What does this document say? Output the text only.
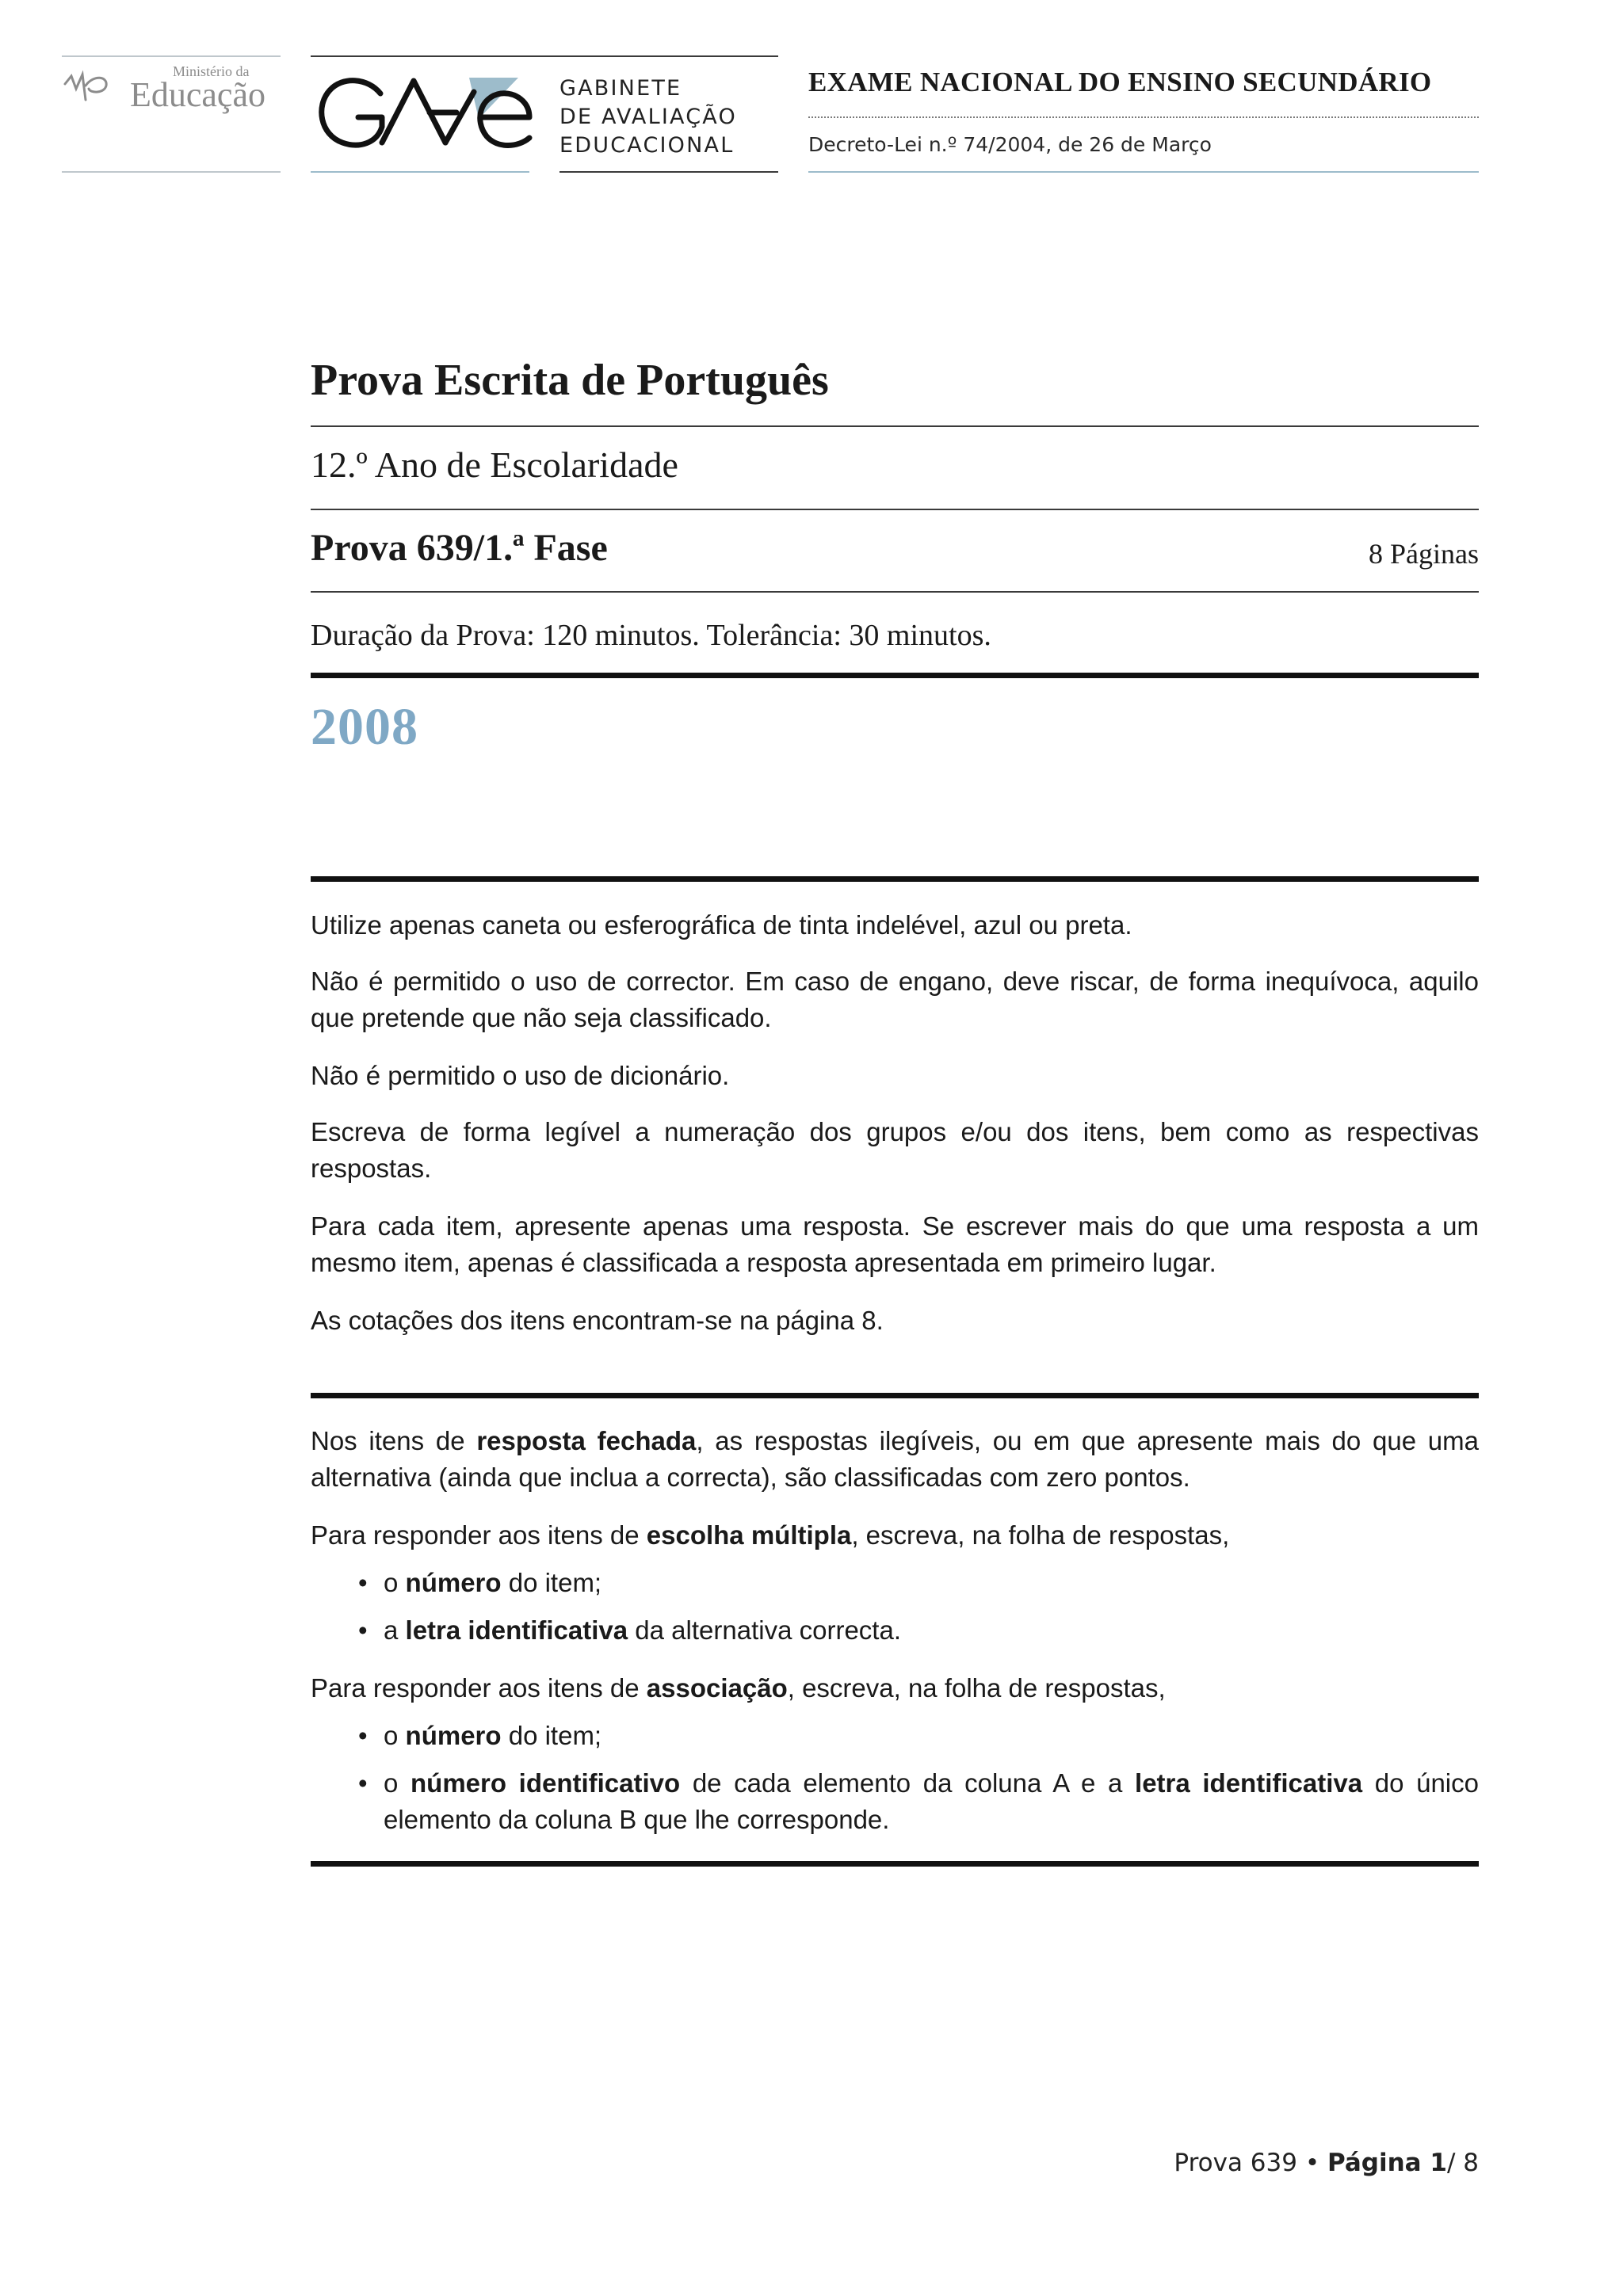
Ministério da
Educação	GABINETE
DE AVALIAÇÃO
EDUCACIONAL
EXAME NACIONAL DO ENSINO SECUNDÁRIO
Decreto-Lei n.º 74/2004, de 26 de Março
Prova Escrita de Português
12.º Ano de Escolaridade
Prova 639/1.ª Fase	8 Páginas
Duração da Prova: 120 minutos. Tolerância: 30 minutos.
2008

Utilize apenas caneta ou esferográfica de tinta indelével, azul ou preta.

Não é permitido o uso de corrector. Em caso de engano, deve riscar, de forma inequívoca, aquilo que pretende que não seja classificado.

Não é permitido o uso de dicionário.

Escreva de forma legível a numeração dos grupos e/ou dos itens, bem como as respectivas respostas.

Para cada item, apresente apenas uma resposta. Se escrever mais do que uma resposta a um mesmo item, apenas é classificada a resposta apresentada em primeiro lugar.

As cotações dos itens encontram-se na página 8.

Nos itens de resposta fechada, as respostas ilegíveis, ou em que apresente mais do que uma alternativa (ainda que inclua a correcta), são classificadas com zero pontos.

Para responder aos itens de escolha múltipla, escreva, na folha de respostas,

• o número do item;

• a letra identificativa da alternativa correcta.

Para responder aos itens de associação, escreva, na folha de respostas,

• o número do item;

• o número identificativo de cada elemento da coluna A e a letra identificativa do único elemento da coluna B que lhe corresponde.

Prova 639 • Página 1/ 8
